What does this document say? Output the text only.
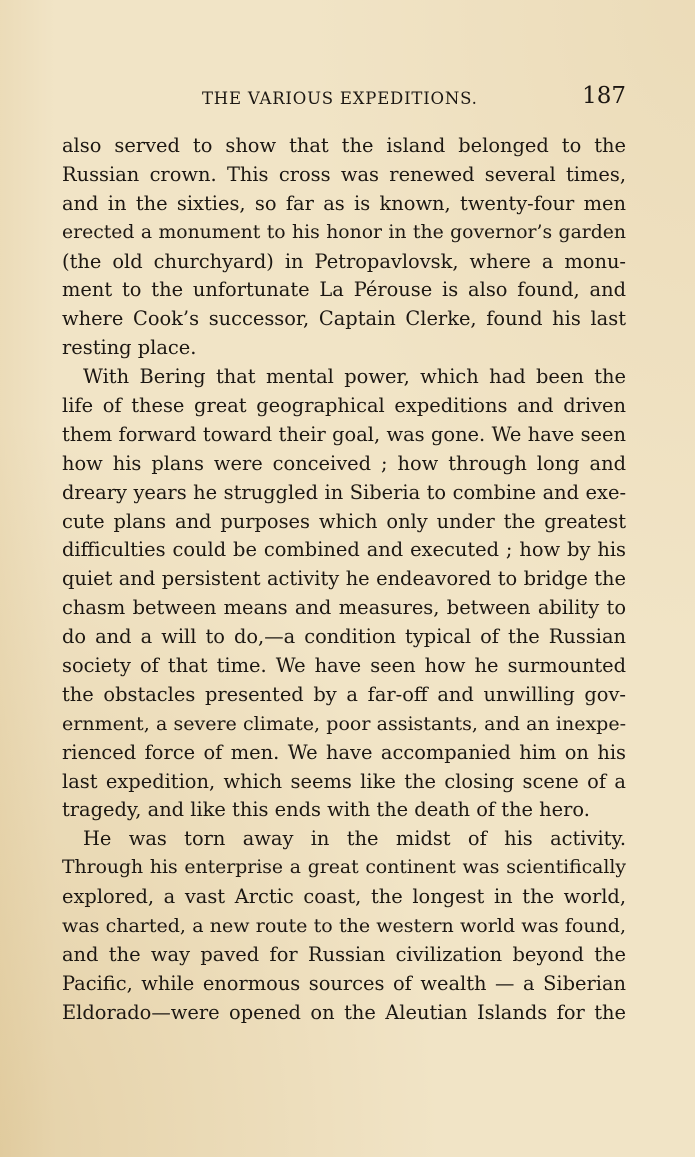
THE VARIOUS EXPEDITIONS.	187
also served to show that the island belonged to the
Russian crown. This cross was renewed several times,
and in the sixties, so far as is known, twenty-four men
erected a monument to his honor in the governor’s garden
(the old churchyard) in Petropavlovsk, where a monu-
ment to the unfortunate La Pérouse is also found, and
where Cook’s successor, Captain Clerke, found his last
resting place.
With Bering that mental power, which had been the
life of these great geographical expeditions and driven
them forward toward their goal, was gone. We have seen
how his plans were conceived ; how through long and
dreary years he struggled in Siberia to combine and exe-
cute plans and purposes which only under the greatest
difficulties could be combined and executed ; how by his
quiet and persistent activity he endeavored to bridge the
chasm between means and measures, between ability to
do and a will to do,—a condition typical of the Russian
society of that time. We have seen how he surmounted
the obstacles presented by a far-off and unwilling gov-
ernment, a severe climate, poor assistants, and an inexpe-
rienced force of men. We have accompanied him on his
last expedition, which seems like the closing scene of a
tragedy, and like this ends with the death of the hero.
He was torn away in the midst of his activity.
Through his enterprise a great continent was scientifically
explored, a vast Arctic coast, the longest in the world,
was charted, a new route to the western world was found,
and the way paved for Russian civilization beyond the
Pacific, while enormous sources of wealth — a Siberian
Eldorado—were opened on the Aleutian Islands for the
